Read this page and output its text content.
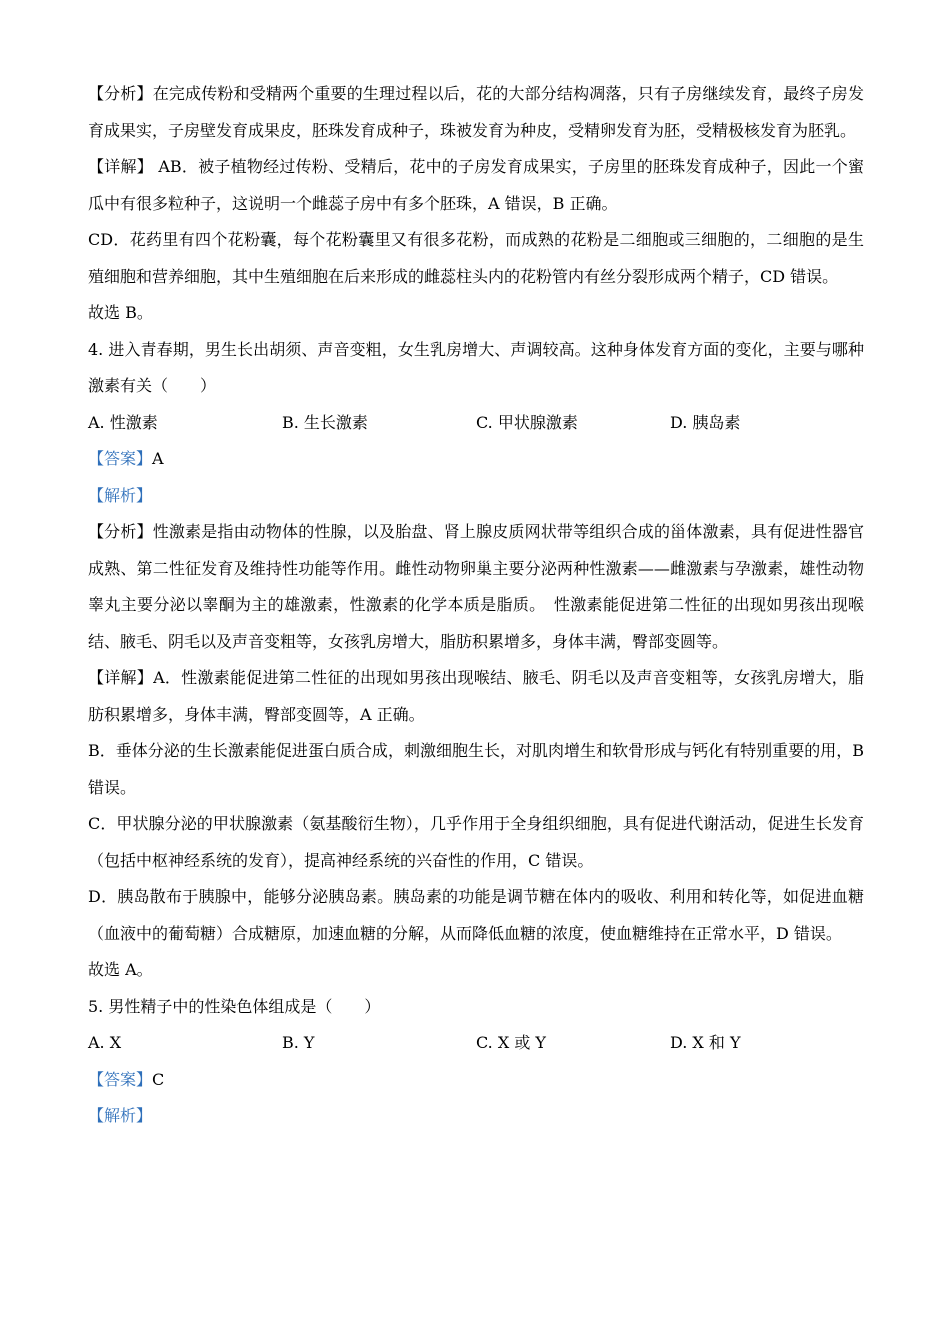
【分析】在完成传粉和受精两个重要的生理过程以后，花的大部分结构凋落，只有子房继续发育，最终子房发育成果实，子房壁发育成果皮，胚珠发育成种子，珠被发育为种皮，受精卵发育为胚，受精极核发育为胚乳。

【详解】 AB．被子植物经过传粉、受精后，花中的子房发育成果实，子房里的胚珠发育成种子，因此一个蜜瓜中有很多粒种子，这说明一个雌蕊子房中有多个胚珠，A 错误，B 正确。

CD．花药里有四个花粉囊，每个花粉囊里又有很多花粉，而成熟的花粉是二细胞或三细胞的，二细胞的是生殖细胞和营养细胞，其中生殖细胞在后来形成的雌蕊柱头内的花粉管内有丝分裂形成两个精子，CD 错误。

故选 B。

4. 进入青春期，男生长出胡须、声音变粗，女生乳房增大、声调较高。这种身体发育方面的变化，主要与哪种激素有关（　　）

A. 性激素	B. 生长激素	C. 甲状腺激素	D. 胰岛素
【答案】A
【解析】

【分析】性激素是指由动物体的性腺，以及胎盘、肾上腺皮质网状带等组织合成的甾体激素，具有促进性器官成熟、第二性征发育及维持性功能等作用。雌性动物卵巢主要分泌两种性激素——雌激素与孕激素，雄性动物睾丸主要分泌以睾酮为主的雄激素，性激素的化学本质是脂质。　性激素能促进第二性征的出现如男孩出现喉结、腋毛、阴毛以及声音变粗等，女孩乳房增大，脂肪积累增多，身体丰满，臀部变圆等。

【详解】A．性激素能促进第二性征的出现如男孩出现喉结、腋毛、阴毛以及声音变粗等，女孩乳房增大，脂肪积累增多，身体丰满，臀部变圆等，A 正确。

B．垂体分泌的生长激素能促进蛋白质合成，刺激细胞生长，对肌肉增生和软骨形成与钙化有特别重要的用，B 错误。

C．甲状腺分泌的甲状腺激素（氨基酸衍生物），几乎作用于全身组织细胞，具有促进代谢活动，促进生长发育（包括中枢神经系统的发育），提高神经系统的兴奋性的作用，C 错误。

D．胰岛散布于胰腺中，能够分泌胰岛素。胰岛素的功能是调节糖在体内的吸收、利用和转化等，如促进血糖（血液中的葡萄糖）合成糖原，加速血糖的分解，从而降低血糖的浓度，使血糖维持在正常水平，D 错误。

故选 A。
5. 男性精子中的性染色体组成是（　　）
A. X	B. Y	C. X 或 Y	D. X 和 Y
【答案】C
【解析】
